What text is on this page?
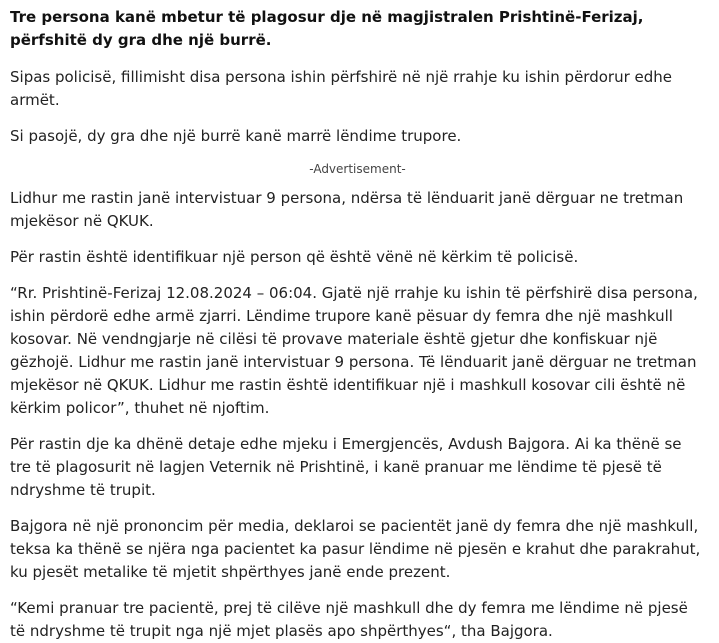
Tre persona kanë mbetur të plagosur dje në magjistralen Prishtinë-Ferizaj, përfshitë dy gra dhe një burrë.

Sipas policisë, fillimisht disa persona ishin përfshirë në një rrahje ku ishin përdorur edhe armët.

Si pasojë, dy gra dhe një burrë kanë marrë lëndime trupore.

-Advertisement-

Lidhur me rastin janë intervistuar 9 persona, ndërsa të lënduarit janë dërguar ne tretman mjekësor në QKUK.

Për rastin është identifikuar një person që është vënë në kërkim të policisë.

“Rr. Prishtinë-Ferizaj 12.08.2024 – 06:04. Gjatë një rrahje ku ishin të përfshirë disa persona, ishin përdorë edhe armë zjarri. Lëndime trupore kanë pësuar dy femra dhe një mashkull kosovar. Në vendngjarje në cilësi të provave materiale është gjetur dhe konfiskuar një gëzhojë. Lidhur me rastin janë intervistuar 9 persona. Të lënduarit janë dërguar ne tretman mjekësor në QKUK. Lidhur me rastin është identifikuar një i mashkull kosovar cili është në kërkim policor”, thuhet në njoftim.

Për rastin dje ka dhënë detaje edhe mjeku i Emergjencës, Avdush Bajgora. Ai ka thënë se tre të plagosurit në lagjen Veternik në Prishtinë, i kanë pranuar me lëndime të pjesë të ndryshme të trupit.

Bajgora në një prononcim për media, deklaroi se pacientët janë dy femra dhe një mashkull, teksa ka thënë se njëra nga pacientet ka pasur lëndime në pjesën e krahut dhe parakrahut, ku pjesët metalike të mjetit shpërthyes janë ende prezent.

“Kemi pranuar tre pacientë, prej të cilëve një mashkull dhe dy femra me lëndime në pjesë të ndryshme të trupit nga një mjet plasës apo shpërthyes“, tha Bajgora.
